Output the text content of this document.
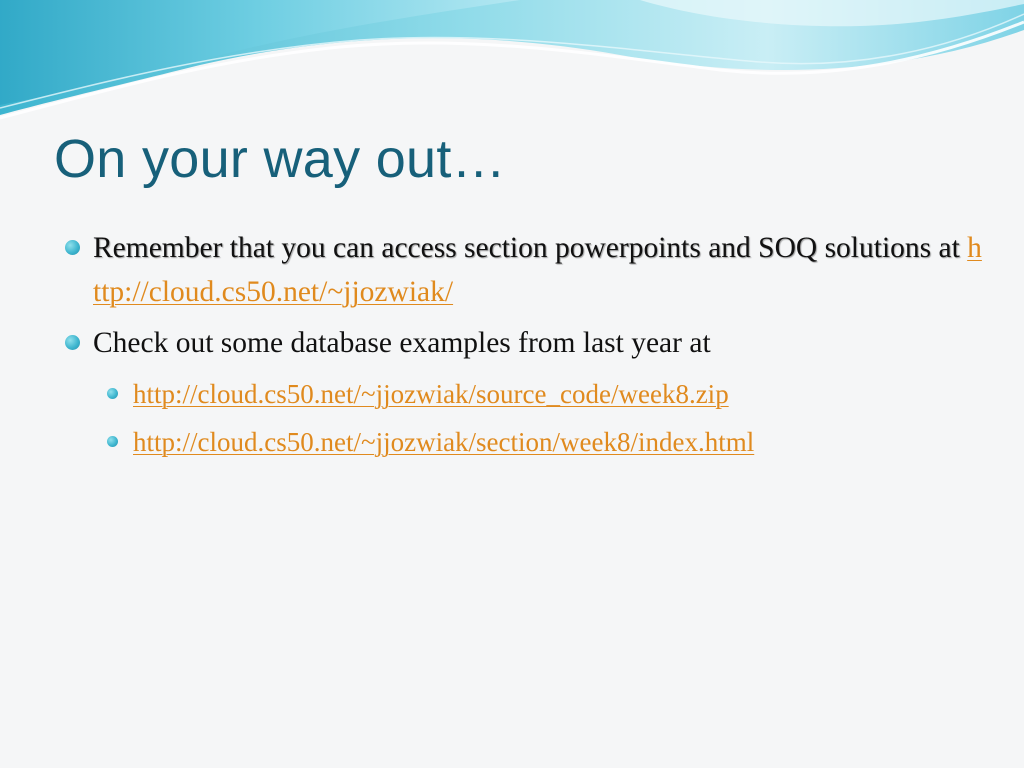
On your way out…
Remember that you can access section powerpoints and SOQ solutions at http://cloud.cs50.net/~jjozwiak/
Check out some database examples from last year at
http://cloud.cs50.net/~jjozwiak/source_code/week8.zip
http://cloud.cs50.net/~jjozwiak/section/week8/index.html
